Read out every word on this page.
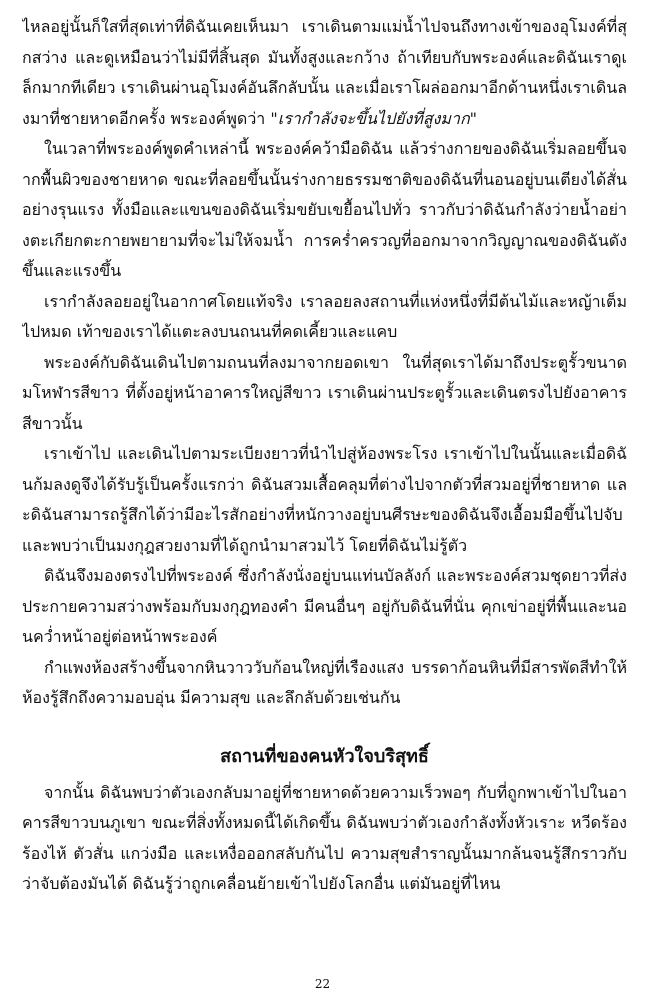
ไหลอยู่นั้นก็ใสที่สุดเท่าที่ดิฉันเคยเห็นมา เราเดินตามแม่น้ำไปจนถึงทางเข้าของอุโมงค์ที่สุกสว่าง และดูเหมือนว่าไม่มีที่สิ้นสุด มันทั้งสูงและกว้าง ถ้าเทียบกับพระองค์และดิฉันเราดูเล็กมากทีเดียว เราเดินผ่านอุโมงค์อันลึกลับนั้น และเมื่อเราโผล่ออกมาอีกด้านหนึ่งเราเดินลงมาที่ชายหาดอีกครั้ง พระองค์พูดว่า "เรากำลังจะขึ้นไปยังที่สูงมาก"

ในเวลาที่พระองค์พูดคำเหล่านี้ พระองค์คว้ามือดิฉัน แล้วร่างกายของดิฉันเริ่มลอยขึ้นจากพื้นผิวของชายหาด ขณะที่ลอยขึ้นนั้นร่างกายธรรมชาติของดิฉันที่นอนอยู่บนเตียงได้สั่นอย่างรุนแรง ทั้งมือและแขนของดิฉันเริ่มขยับเขยื้อนไปทั่ว ราวกับว่าดิฉันกำลังว่ายน้ำอย่างตะเกียกตะกายพยายามที่จะไม่ให้จมน้ำ การคร่ำครวญที่ออกมาจากวิญญาณของดิฉันดังขึ้นและแรงขึ้น

เรากำลังลอยอยู่ในอากาศโดยแท้จริง เราลอยลงสถานที่แห่งหนึ่งที่มีต้นไม้และหญ้าเต็มไปหมด เท้าของเราได้แตะลงบนถนนที่คดเคี้ยวและแคบ

พระองค์กับดิฉันเดินไปตามถนนที่ลงมาจากยอดเขา ในที่สุดเราได้มาถึงประตูรั้วขนาดมโหฬารสีขาว ที่ตั้งอยู่หน้าอาคารใหญ่สีขาว เราเดินผ่านประตูรั้วและเดินตรงไปยังอาคารสีขาวนั้น

เราเข้าไป และเดินไปตามระเบียงยาวที่นำไปสู่ห้องพระโรง เราเข้าไปในนั้นและเมื่อดิฉันก้มลงดูจึงได้รับรู้เป็นครั้งแรกว่า ดิฉันสวมเสื้อคลุมที่ต่างไปจากตัวที่สวมอยู่ที่ชายหาด และดิฉันสามารถรู้สึกได้ว่ามีอะไรสักอย่างที่หนักวางอยู่บนศีรษะของดิฉันจึงเอื้อมมือขึ้นไปจับและพบว่าเป็นมงกุฎสวยงามที่ได้ถูกนำมาสวมไว้ โดยที่ดิฉันไม่รู้ตัว

ดิฉันจึงมองตรงไปที่พระองค์ ซึ่งกำลังนั่งอยู่บนแท่นบัลลังก์ และพระองค์สวมชุดยาวที่ส่งประกายความสว่างพร้อมกับมงกุฎทองคำ มีคนอื่นๆ อยู่กับดิฉันที่นั่น คุกเข่าอยู่ที่พื้นและนอนคว่ำหน้าอยู่ต่อหน้าพระองค์

กำแพงห้องสร้างขึ้นจากหินวาววับก้อนใหญ่ที่เรืองแสง บรรดาก้อนหินที่มีสารพัดสีทำให้ห้องรู้สึกถึงความอบอุ่น มีความสุข และลึกลับด้วยเช่นกัน

สถานที่ของคนหัวใจบริสุทธิ์

จากนั้น ดิฉันพบว่าตัวเองกลับมาอยู่ที่ชายหาดด้วยความเร็วพอๆ กับที่ถูกพาเข้าไปในอาคารสีขาวบนภูเขา ขณะที่สิ่งทั้งหมดนี้ได้เกิดขึ้น ดิฉันพบว่าตัวเองกำลังทั้งหัวเราะ หวีดร้อง ร้องไห้ ตัวสั่น แกว่งมือ และเหงื่อออกสลับกันไป ความสุขสำราญนั้นมากล้นจนรู้สึกราวกับว่าจับต้องมันได้ ดิฉันรู้ว่าถูกเคลื่อนย้ายเข้าไปยังโลกอื่น แต่มันอยู่ที่ไหน

22
